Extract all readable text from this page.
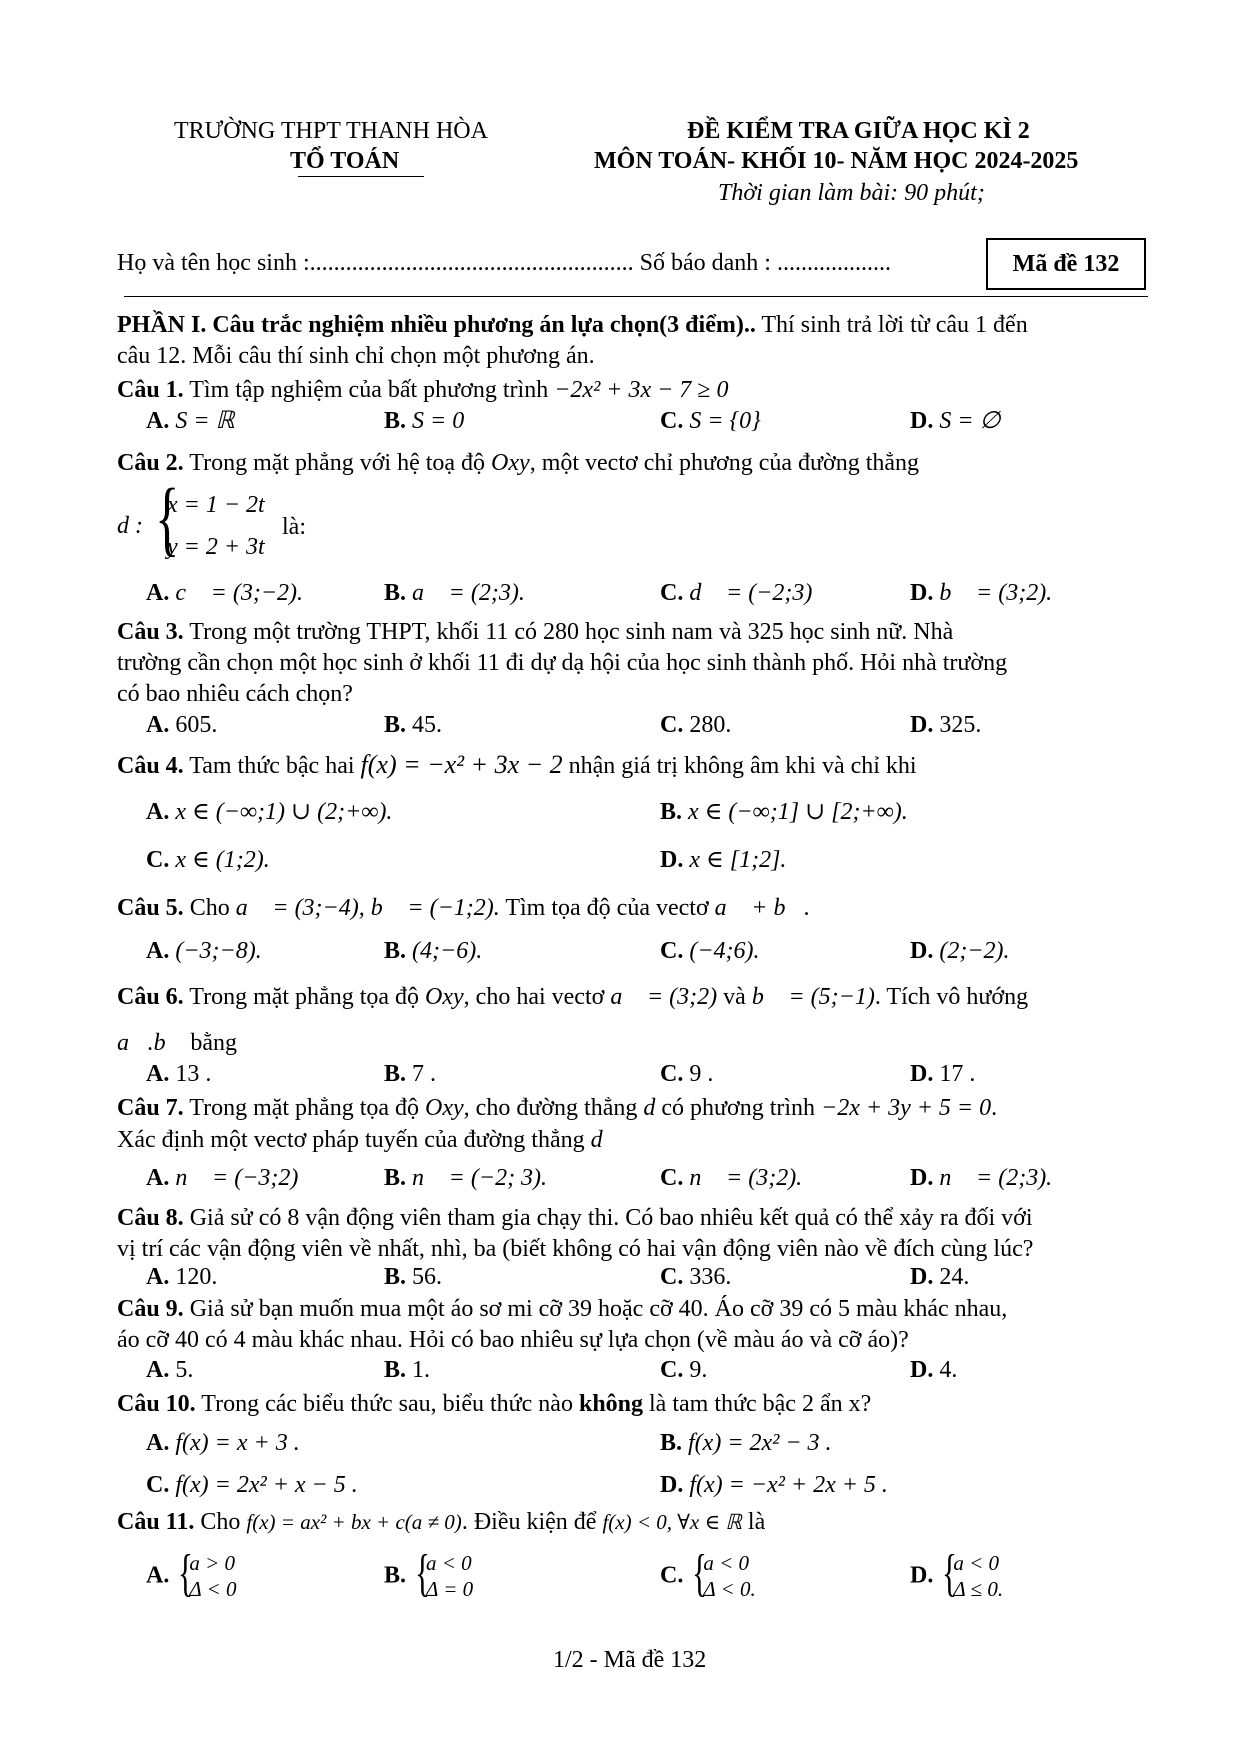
TRƯỜNG THPT THANH HÒA
TỔ TOÁN
ĐỀ KIỂM TRA GIỮA HỌC KÌ 2
MÔN TOÁN- KHỐI 10- NĂM HỌC 2024-2025
Thời gian làm bài: 90 phút;
Họ và tên học sinh :...................................................... Số báo danh : ...................	Mã đề 132
PHẦN I. Câu trắc nghiệm nhiều phương án lựa chọn(3 điểm).. Thí sinh trả lời từ câu 1 đến
câu 12. Mỗi câu thí sinh chỉ chọn một phương án.
Câu 1. Tìm tập nghiệm của bất phương trình −2x² + 3x − 7 ≥ 0
A. S = ℝ	B. S = 0	C. S = {0}	D. S = ∅
Câu 2. Trong mặt phẳng với hệ toạ độ Oxy, một vectơ chỉ phương của đường thẳng
d :
{ x = 1 − 2t
y = 2 + 3t
là:
A. c⃗ = (3;−2).	B. a⃗ = (2;3).	C. d⃗ = (−2;3)	D. b⃗ = (3;2).
Câu 3. Trong một trường THPT, khối 11 có 280 học sinh nam và 325 học sinh nữ. Nhà
trường cần chọn một học sinh ở khối 11 đi dự dạ hội của học sinh thành phố. Hỏi nhà trường
có bao nhiêu cách chọn?
A. 605.	B. 45.	C. 280.	D. 325.
Câu 4. Tam thức bậc hai f(x) = −x² + 3x − 2 nhận giá trị không âm khi và chỉ khi
A. x ∈ (−∞;1) ∪ (2;+∞).	B. x ∈ (−∞;1] ∪ [2;+∞).
C. x ∈ (1;2).	D. x ∈ [1;2].
Câu 5. Cho a⃗ = (3;−4), b⃗ = (−1;2). Tìm tọa độ của vectơ a⃗ + b⃗.
A. (−3;−8).	B. (4;−6).	C. (−4;6).	D. (2;−2).
Câu 6. Trong mặt phẳng tọa độ Oxy, cho hai vectơ a⃗ = (3;2) và b⃗ = (5;−1). Tích vô hướng
a⃗.b⃗ bằng
A. 13 .	B. 7 .	C. 9 .	D. 17 .
Câu 7. Trong mặt phẳng tọa độ Oxy, cho đường thẳng d có phương trình −2x + 3y + 5 = 0.
Xác định một vectơ pháp tuyến của đường thẳng d
A. n⃗ = (−3;2)	B. n⃗ = (−2; 3).	C. n⃗ = (3;2).	D. n⃗ = (2;3).
Câu 8. Giả sử có 8 vận động viên tham gia chạy thi. Có bao nhiêu kết quả có thể xảy ra đối với
vị trí các vận động viên về nhất, nhì, ba (biết không có hai vận động viên nào về đích cùng lúc?
A. 120.	B. 56.	C. 336.	D. 24.
Câu 9. Giả sử bạn muốn mua một áo sơ mi cỡ 39 hoặc cỡ 40. Áo cỡ 39 có 5 màu khác nhau,
áo cỡ 40 có 4 màu khác nhau. Hỏi có bao nhiêu sự lựa chọn (về màu áo và cỡ áo)?
A. 5.	B. 1.	C. 9.	D. 4.
Câu 10. Trong các biểu thức sau, biểu thức nào không là tam thức bậc 2 ẩn x?
A. f(x) = x + 3 .	B. f(x) = 2x² − 3 .
C. f(x) = 2x² + x − 5 .	D. f(x) = −x² + 2x + 5 .
Câu 11. Cho f(x) = ax² + bx + c(a ≠ 0). Điều kiện để f(x) < 0, ∀x ∈ ℝ là
A. { a > 0
Δ < 0
B. { a < 0
Δ = 0
C. { a < 0
Δ < 0.
D. { a < 0
Δ ≤ 0.
1/2 - Mã đề 132
